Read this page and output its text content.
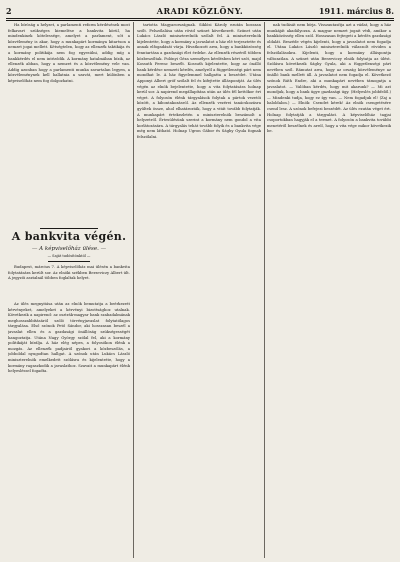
2	ARADI KÖZLÖNY.	1911. március 8.

Ha bíróság a helyzet, a parlamenti reform kérdésének most felkavart szükséges kiemelése a bankvita körül, ha mindenkinek kötelessége, amelyet a parlament, sőt a közvélemény is akar, hogy a munkapárt kormánya kitartson a nemzet jogai mellett. Kétségtelen, hogy az ellenzék taktikája és a kormány politikája nem fog egyesülni, addig míg a bankkérdés el nem intéződik. A kormány hatalmában bízik, az ellenzék abban, hogy a nemzet és a közvélemény vele van. Addig azonban hogy a parlamenti munka zavartalan legyen, a közvéleménynek kell hallatnia a szavát, mert különben a képviselőház nem fog dolgozhatni.

A bankvita végén.
— A képviselőház ülése. —
— Saját tudósítónktól —

Budapest, március 7. A képviselőház mai ülésén a bankvita folytatására került sor. Az elnöki székben Berzeviczy Albert ült. A jegyzői asztalnál többen foglaltak helyet.

Az ülés megnyitása után az elnök bemutatja a beérkezett kérvényeket, amelyeket a kérvényi bizottsághoz utalnak. Következik a napirend: az osztrák-magyar bank szabadalmának meghosszabbításáról szóló törvényjavaslat folytatólagos tárgyalása. Első szónok Pető Sándor, aki hosszasan beszél a javaslat ellen és a gazdasági önállóság szükségességét hangoztatja. Utána Nagy György szólal fel, aki a kormány politikáját bírálja. A ház elég népes, a folyosókon élénk a mozgás. Az ellenzék padjairól gyakori a közbeszólás, a jobboldal nyugodtan hallgat. A szónok után Lukács László miniszterelnök emelkedett szólásra és kijelentette, hogy a kormány ragaszkodik a javaslathoz. Szavait a munkapárt élénk helyesléssel fogadta.

tartotta Magyarországnak. Siklósi Károly ezután hosszan szólt. Felszólalása után rövid szünet következett. Szünet után Lukács László miniszterelnök szólalt fel. A miniszterelnök kijelentette, hogy a kormány a javaslatot a ház elé terjesztette és annak elfogadását várja. Hivatkozott arra, hogy a bankközösség fenntartása a gazdasági élet érdeke. Az ellenzék részéről többen közbeszóltak. Polónyi Géza személyes kérdésben kért szót, majd Kossuth Ferenc beszélt. Kossuth kijelentette, hogy az önálló bank kérdése nemzeti kérdés, amelyről a függetlenségi párt nem mondhat le. A ház figyelemmel hallgatta a beszédet. Utána Apponyi Albert gróf szólalt fel és kifejtette álláspontját. Az ülés végén az elnök bejelentette, hogy a vita folytatására holnap kerül sor. A napirend megállapítása után az ülés fél kettőkor ért véget. A folyosón élénk tárgyalások folytak a pártok vezetői között, a kibontakozásról. Az ellenzék vezérei tanácskozásra gyűltek össze, ahol elhatározták, hogy a vitát tovább folytatják. A munkapárt értekezletén a miniszterelnök beszámolt a helyzetről. Értesülésünk szerint a kormány nem gondol a vita korlátozására. A tárgyalás tehát tovább folyik és a bankvita vége még nem látható. Holnap Ugron Gábor és Sághy Gyula fognak felszólalni.

nak tudását nem bírja. Visszautasítja azt a vádat, hogy a ház munkáját akadályozza. A magyar nemzet jogait védi, amikor a bankközösség ellen szól. Hosszasan fejtegeti a kérdés gazdasági oldalát. Beszéde végén kijelenti, hogy a javaslatot nem fogadja el. Utána Lukács László miniszterelnök válaszolt röviden a felszólalásokra. Kijelenti, hogy a kormány álláspontja változatlan. A szünet után Berzeviczy elnök folytatja az ülést. Szólásra következik Sághy Gyula, aki a függetlenségi párt nevében szól. Rámutat arra, hogy az ország közvéleménye az önálló bank mellett áll. A javaslatot nem fogadja el. Következő szónok Ráth Endre, aki a munkapárt nevében támogatja a javaslatot. — Valóban kérdés, hogy mit akarunk? — Mi azt mondjuk, hogy a bank ügye gazdasági ügy. (Helyeslés jobbfelől.) — Mindenki tudja, hogy ez így van. — Nem fogadjuk el! (Zaj a baloldalon.) — Elnök: Csendet kérek! Az elnök csengetésére csend lesz. A szónok befejezi beszédét. Az ülés ezután véget ért. Holnap folytatják a tárgyalást. A képviselőház tagjai csoportokban hagyják el a termet. A folyosón a bankvita további menetéről beszélnek és arról, hogy a vita vége mikor következik be.
